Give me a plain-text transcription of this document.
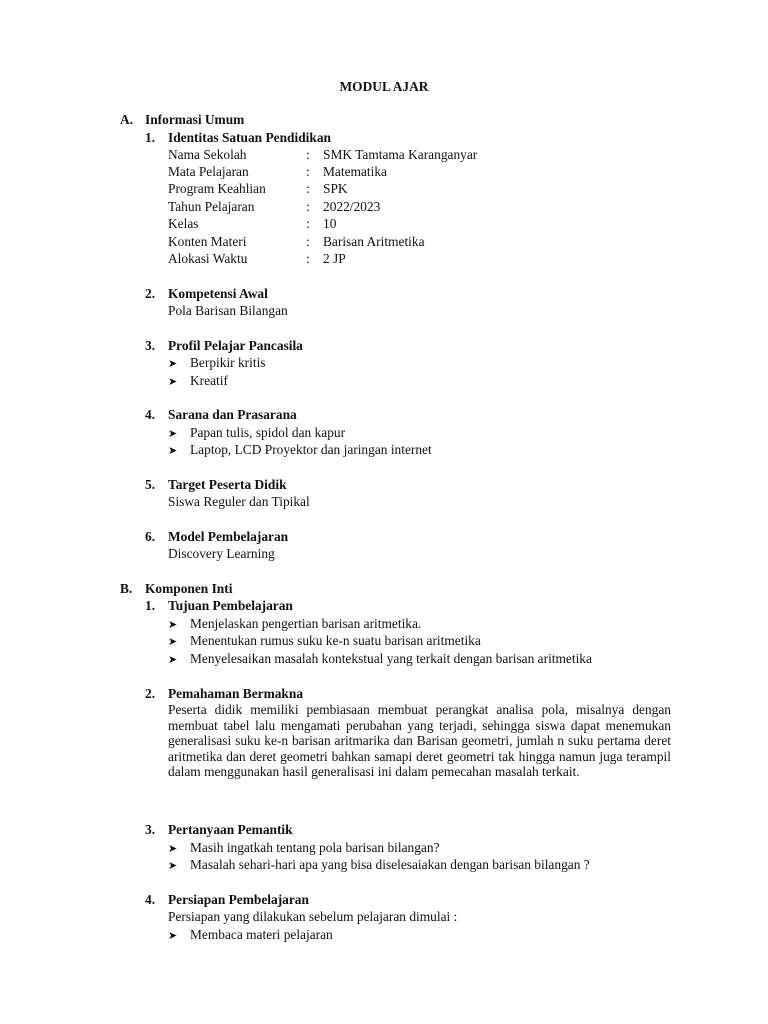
MODUL AJAR
A. Informasi Umum
1. Identitas Satuan Pendidikan
Nama Sekolah	: SMK Tamtama Karanganyar
Mata Pelajaran	: Matematika
Program Keahlian	: SPK
Tahun Pelajaran	: 2022/2023
Kelas	: 10
Konten Materi	: Barisan Aritmetika
Alokasi Waktu	: 2 JP
2. Kompetensi Awal
Pola Barisan Bilangan
3. Profil Pelajar Pancasila
➤ Berpikir kritis
➤ Kreatif
4. Sarana dan Prasarana
➤ Papan tulis, spidol dan kapur
➤ Laptop, LCD Proyektor dan jaringan internet
5. Target Peserta Didik
Siswa Reguler dan Tipikal
6. Model Pembelajaran
Discovery Learning
B. Komponen Inti
1. Tujuan Pembelajaran
➤ Menjelaskan pengertian barisan aritmetika.
➤ Menentukan rumus suku ke-n suatu barisan aritmetika
➤ Menyelesaikan masalah kontekstual yang terkait dengan barisan aritmetika
2. Pemahaman Bermakna
Peserta didik memiliki pembiasaan membuat perangkat analisa pola, misalnya dengan membuat tabel lalu mengamati perubahan yang terjadi, sehingga siswa dapat menemukan generalisasi suku ke-n barisan aritmarika dan Barisan geometri, jumlah n suku pertama deret aritmetika dan deret geometri bahkan samapi deret geometri tak hingga namun juga terampil dalam menggunakan hasil generalisasi ini dalam pemecahan masalah terkait.
3. Pertanyaan Pemantik
➤ Masih ingatkah tentang pola barisan bilangan?
➤ Masalah sehari-hari apa yang bisa diselesaiakan dengan barisan bilangan ?
4. Persiapan Pembelajaran
Persiapan yang dilakukan sebelum pelajaran dimulai :
➤ Membaca materi pelajaran
